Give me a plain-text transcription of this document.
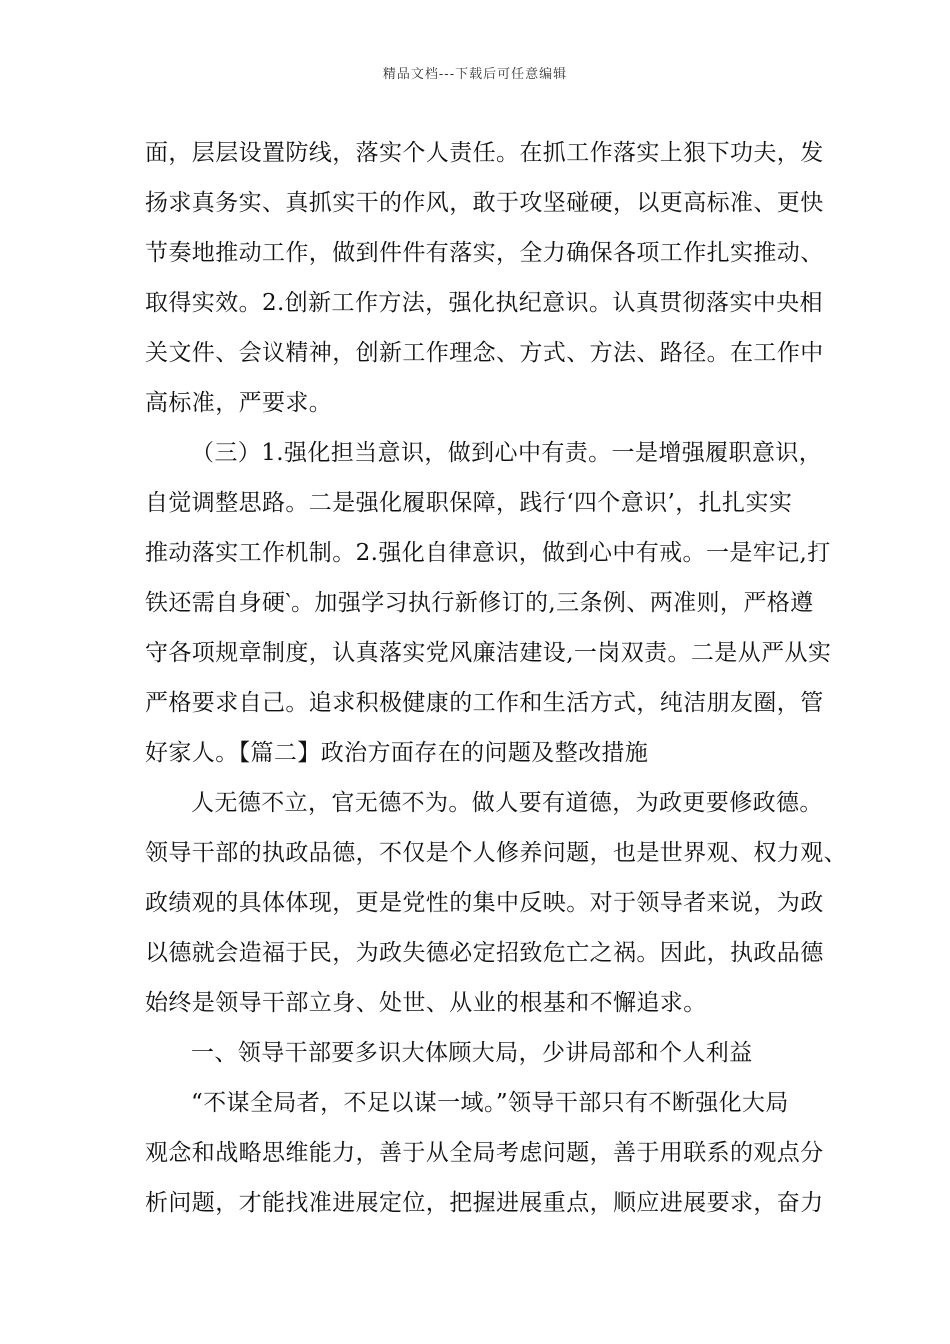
精品文档---下载后可任意编辑
面，层层设置防线，落实个人责任。在抓工作落实上狠下功夫，发
扬求真务实、真抓实干的作风，敢于攻坚碰硬，以更高标准、更快
节奏地推动工作，做到件件有落实，全力确保各项工作扎实推动、
取得实效。2.创新工作方法，强化执纪意识。认真贯彻落实中央相
关文件、会议精神，创新工作理念、方式、方法、路径。在工作中
高标准，严要求。
（三）1.强化担当意识，做到心中有责。一是增强履职意识，
自觉调整思路。二是强化履职保障，践行‘四个意识’，扎扎实实
推动落实工作机制。2.强化自律意识，做到心中有戒。一是牢记,打
铁还需自身硬‵。加强学习执行新修订的,三条例、两准则，严格遵
守各项规章制度，认真落实党风廉洁建设,一岗双责。二是从严从实
严格要求自己。追求积极健康的工作和生活方式，纯洁朋友圈，管
好家人。【篇二】政治方面存在的问题及整改措施
人无德不立，官无德不为。做人要有道德，为政更要修政德。
领导干部的执政品德，不仅是个人修养问题，也是世界观、权力观、
政绩观的具体体现，更是党性的集中反映。对于领导者来说，为政
以德就会造福于民，为政失德必定招致危亡之祸。因此，执政品德
始终是领导干部立身、处世、从业的根基和不懈追求。
一、领导干部要多识大体顾大局，少讲局部和个人利益
“不谋全局者，不足以谋一域。”领导干部只有不断强化大局
观念和战略思维能力，善于从全局考虑问题，善于用联系的观点分
析问题，才能找准进展定位，把握进展重点，顺应进展要求，奋力
